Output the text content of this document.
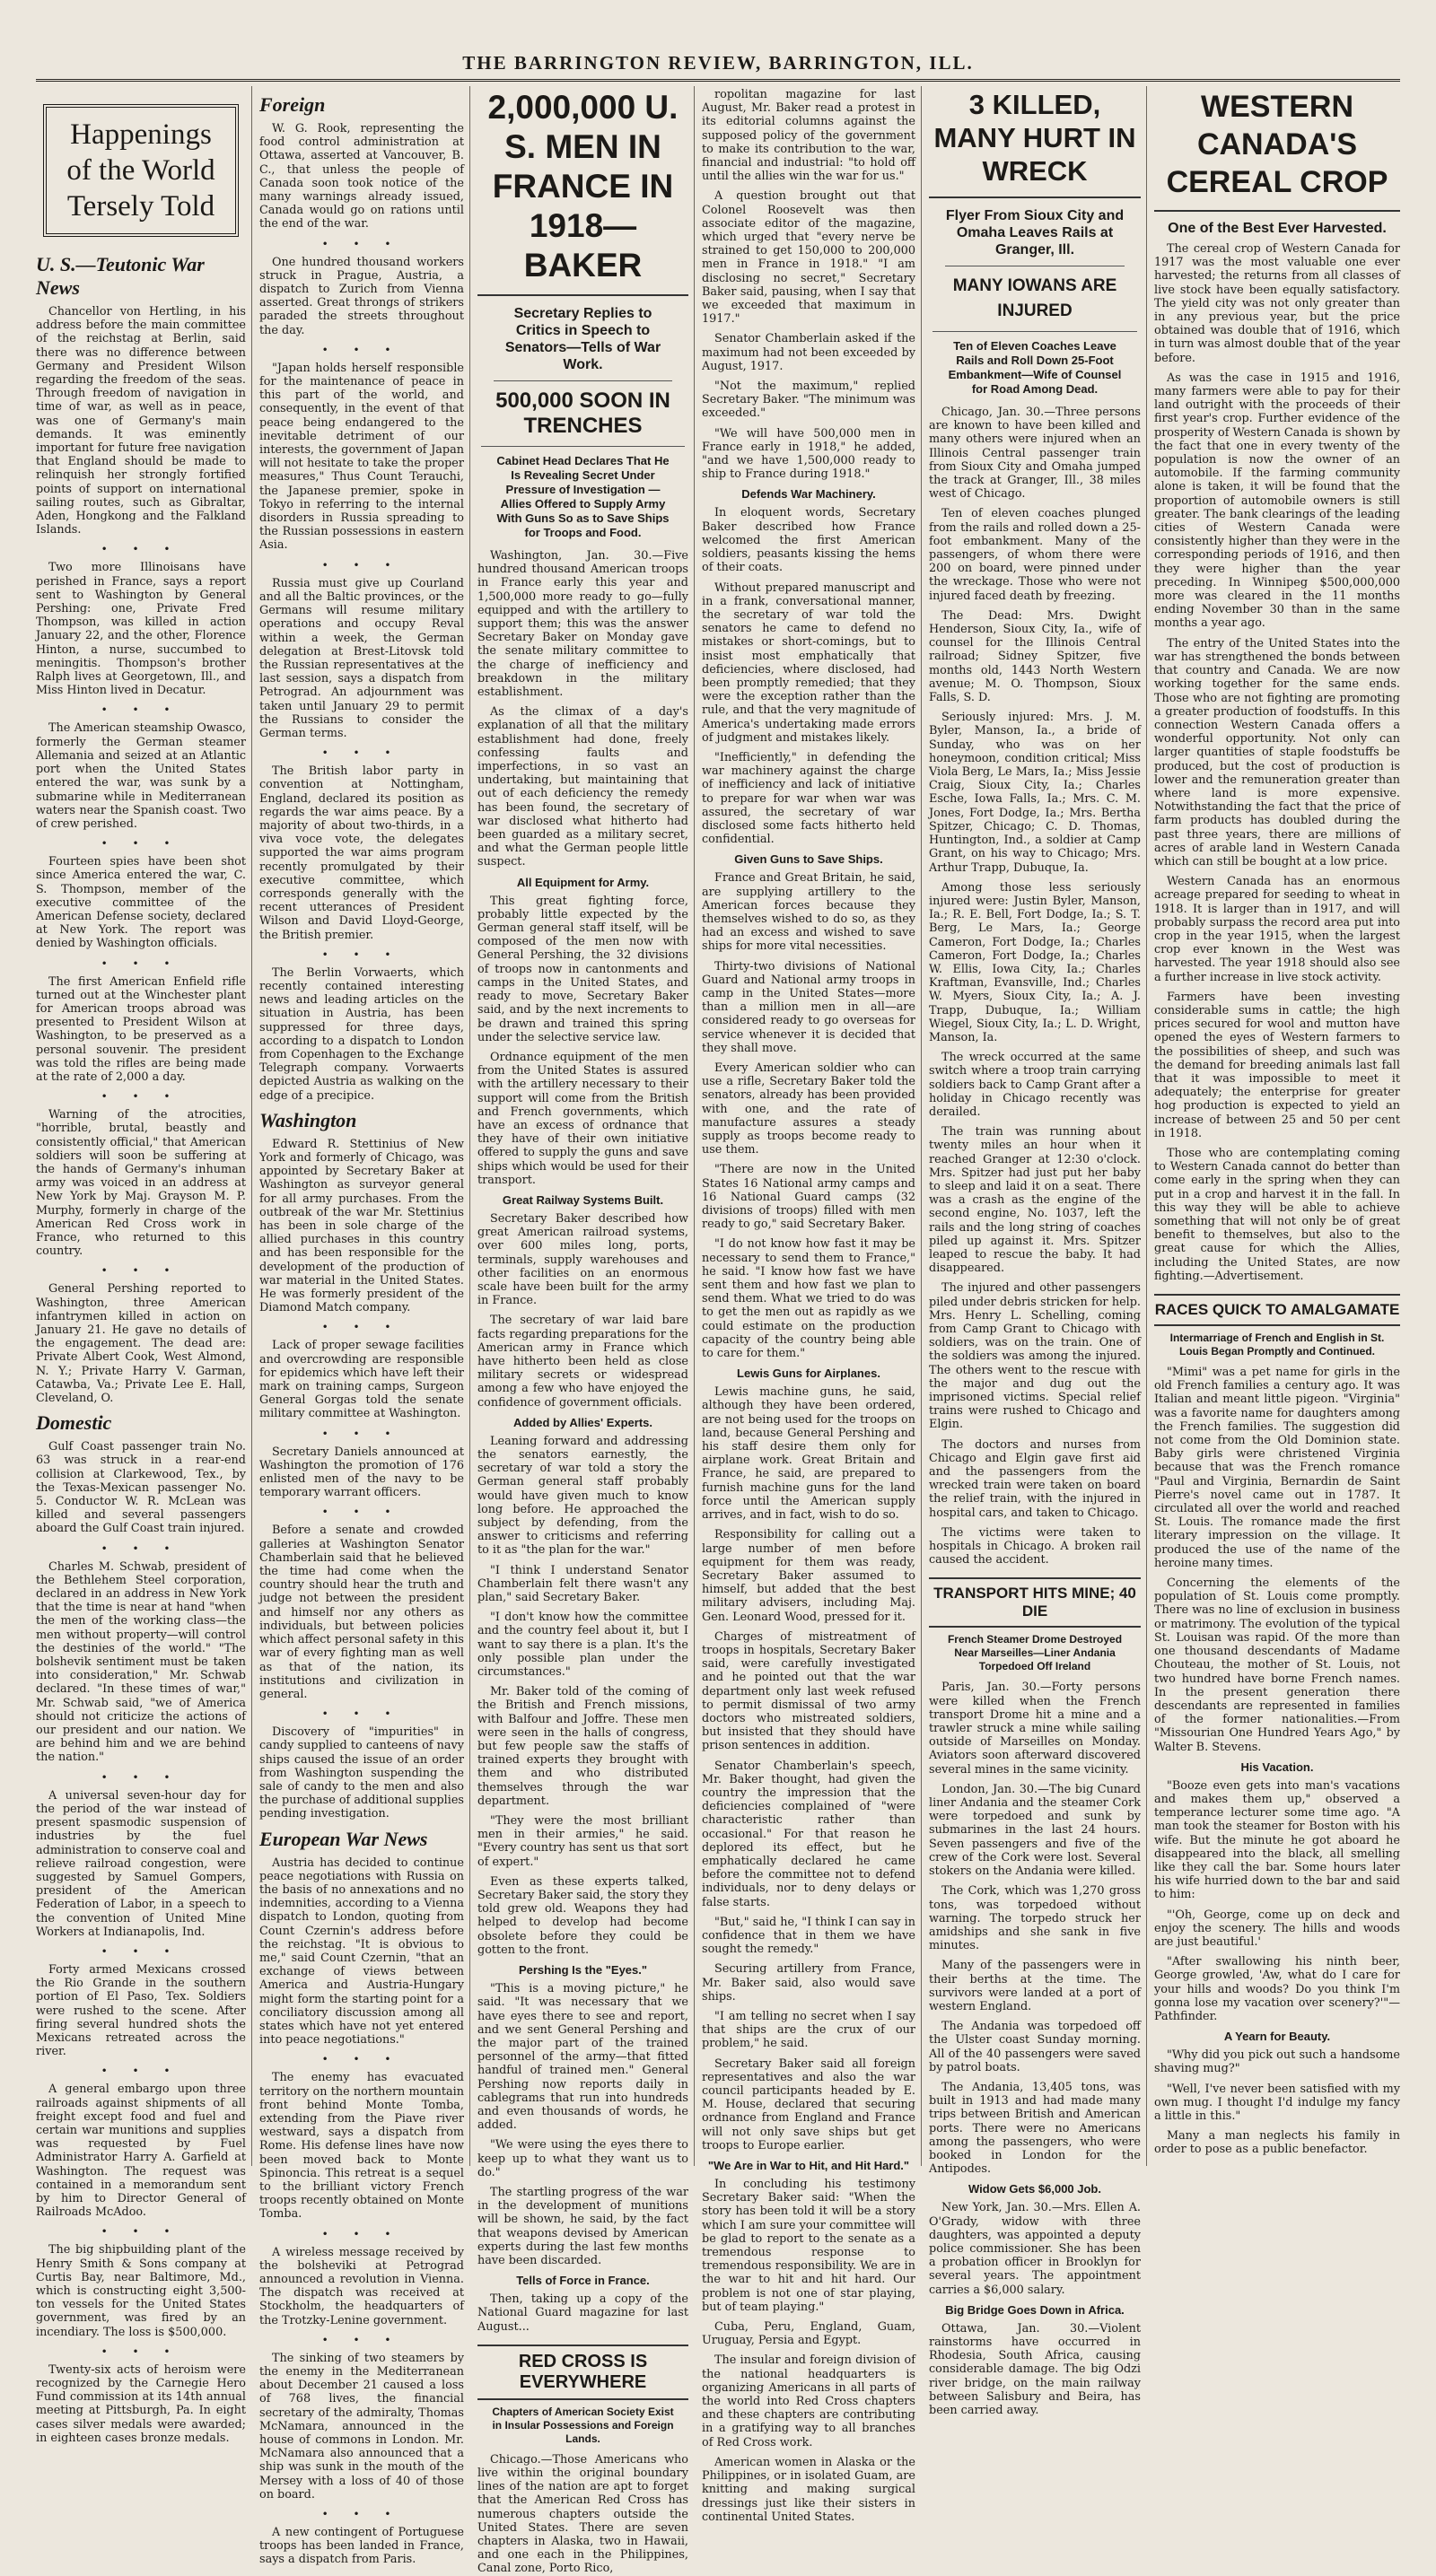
THE BARRINGTON REVIEW, BARRINGTON, ILL.
Happenings
of the World
Tersely Told
U. S.—Teutonic War News

Chancellor von Hertling, in his address before the main committee of the reichstag at Berlin, said there was no difference between Germany and President Wilson regarding the freedom of the seas. Through freedom of navigation in time of war, as well as in peace, was one of Germany's main demands. It was eminently important for future free navigation that England should be made to relinquish her strongly fortified points of support on international sailing routes, such as Gibraltar, Aden, Hongkong and the Falkland Islands.

• • •

Two more Illinoisans have perished in France, says a report sent to Washington by General Pershing: one, Private Fred Thompson, was killed in action January 22, and the other, Florence Hinton, a nurse, succumbed to meningitis. Thompson's brother Ralph lives at Georgetown, Ill., and Miss Hinton lived in Decatur.

• • •

The American steamship Owasco, formerly the German steamer Allemania and seized at an Atlantic port when the United States entered the war, was sunk by a submarine while in Mediterranean waters near the Spanish coast. Two of crew perished.

• • •

Fourteen spies have been shot since America entered the war, C. S. Thompson, member of the executive committee of the American Defense society, declared at New York. The report was denied by Washington officials.

• • •

The first American Enfield rifle turned out at the Winchester plant for American troops abroad was presented to President Wilson at Washington, to be preserved as a personal souvenir. The president was told the rifles are being made at the rate of 2,000 a day.

• • •

Warning of the atrocities, "horrible, brutal, beastly and consistently official," that American soldiers will soon be suffering at the hands of Germany's inhuman army was voiced in an address at New York by Maj. Grayson M. P. Murphy, formerly in charge of the American Red Cross work in France, who returned to this country.

• • •

General Pershing reported to Washington, three American infantrymen killed in action on January 21. He gave no details of the engagement. The dead are: Private Albert Cook, West Almond, N. Y.; Private Harry V. Garman, Catawba, Va.; Private Lee E. Hall, Cleveland, O.

Domestic

Gulf Coast passenger train No. 63 was struck in a rear-end collision at Clarkewood, Tex., by the Texas-Mexican passenger No. 5. Conductor W. R. McLean was killed and several passengers aboard the Gulf Coast train injured.

• • •

Charles M. Schwab, president of the Bethlehem Steel corporation, declared in an address in New York that the time is near at hand "when the men of the working class—the men without property—will control the destinies of the world." "The bolshevik sentiment must be taken into consideration," Mr. Schwab declared. "In these times of war," Mr. Schwab said, "we of America should not criticize the actions of our president and our nation. We are behind him and we are behind the nation."

• • •

A universal seven-hour day for the period of the war instead of present spasmodic suspension of industries by the fuel administration to conserve coal and relieve railroad congestion, were suggested by Samuel Gompers, president of the American Federation of Labor, in a speech to the convention of United Mine Workers at Indianapolis, Ind.

• • •

Forty armed Mexicans crossed the Rio Grande in the southern portion of El Paso, Tex. Soldiers were rushed to the scene. After firing several hundred shots the Mexicans retreated across the river.

• • •

A general embargo upon three railroads against shipments of all freight except food and fuel and certain war munitions and supplies was requested by Fuel Administrator Harry A. Garfield at Washington. The request was contained in a memorandum sent by him to Director General of Railroads McAdoo.

• • •

The big shipbuilding plant of the Henry Smith & Sons company at Curtis Bay, near Baltimore, Md., which is constructing eight 3,500-ton vessels for the United States government, was fired by an incendiary. The loss is $500,000.

• • •

Twenty-six acts of heroism were recognized by the Carnegie Hero Fund commission at its 14th annual meeting at Pittsburgh, Pa. In eight cases silver medals were awarded; in eighteen cases bronze medals.

Foreign

W. G. Rook, representing the food control administration at Ottawa, asserted at Vancouver, B. C., that unless the people of Canada soon took notice of the many warnings already issued, Canada would go on rations until the end of the war.

• • •

One hundred thousand workers struck in Prague, Austria, a dispatch to Zurich from Vienna asserted. Great throngs of strikers paraded the streets throughout the day.

• • •

"Japan holds herself responsible for the maintenance of peace in this part of the world, and consequently, in the event of that peace being endangered to the inevitable detriment of our interests, the government of Japan will not hesitate to take the proper measures," Thus Count Terauchi, the Japanese premier, spoke in Tokyo in referring to the internal disorders in Russia spreading to the Russian possessions in eastern Asia.

• • •

Russia must give up Courland and all the Baltic provinces, or the Germans will resume military operations and occupy Reval within a week, the German delegation at Brest-Litovsk told the Russian representatives at the last session, says a dispatch from Petrograd. An adjournment was taken until January 29 to permit the Russians to consider the German terms.

• • •

The British labor party in convention at Nottingham, England, declared its position as regards the war aims peace. By a majority of about two-thirds, in a viva voce vote, the delegates supported the war aims program recently promulgated by their executive committee, which corresponds generally with the recent utterances of President Wilson and David Lloyd-George, the British premier.

• • •

The Berlin Vorwaerts, which recently contained interesting news and leading articles on the situation in Austria, has been suppressed for three days, according to a dispatch to London from Copenhagen to the Exchange Telegraph company. Vorwaerts depicted Austria as walking on the edge of a precipice.

Washington

Edward R. Stettinius of New York and formerly of Chicago, was appointed by Secretary Baker at Washington as surveyor general for all army purchases. From the outbreak of the war Mr. Stettinius has been in sole charge of the allied purchases in this country and has been responsible for the development of the production of war material in the United States. He was formerly president of the Diamond Match company.

• • •

Lack of proper sewage facilities and overcrowding are responsible for epidemics which have left their mark on training camps, Surgeon General Gorgas told the senate military committee at Washington.

• • •

Secretary Daniels announced at Washington the promotion of 176 enlisted men of the navy to be temporary warrant officers.

• • •

Before a senate and crowded galleries at Washington Senator Chamberlain said that he believed the time had come when the country should hear the truth and judge not between the president and himself nor any others as individuals, but between policies which affect personal safety in this war of every fighting man as well as that of the nation, its institutions and civilization in general.

• • •

Discovery of "impurities" in candy supplied to canteens of navy ships caused the issue of an order from Washington suspending the sale of candy to the men and also the purchase of additional supplies pending investigation.

European War News

Austria has decided to continue peace negotiations with Russia on the basis of no annexations and no indemnities, according to a Vienna dispatch to London, quoting from Count Czernin's address before the reichstag. "It is obvious to me," said Count Czernin, "that an exchange of views between America and Austria-Hungary might form the starting point for a conciliatory discussion among all states which have not yet entered into peace negotiations."

• • •

The enemy has evacuated territory on the northern mountain front behind Monte Tomba, extending from the Piave river westward, says a dispatch from Rome. His defense lines have now been moved back to Monte Spinoncia. This retreat is a sequel to the brilliant victory French troops recently obtained on Monte Tomba.

• • •

A wireless message received by the bolsheviki at Petrograd announced a revolution in Vienna. The dispatch was received at Stockholm, the headquarters of the Trotzky-Lenine government.

• • •

The sinking of two steamers by the enemy in the Mediterranean about December 21 caused a loss of 768 lives, the financial secretary of the admiralty, Thomas McNamara, announced in the house of commons in London. Mr. McNamara also announced that a ship was sunk in the mouth of the Mersey with a loss of 40 of those on board.

• • •

A new contingent of Portuguese troops has been landed in France, says a dispatch from Paris.

2,000,000 U. S. MEN IN FRANCE IN 1918—BAKER
Secretary Replies to Critics in Speech to Senators—Tells of War Work.
500,000 SOON IN TRENCHES
Cabinet Head Declares That He Is Revealing Secret Under Pressure of Investigation — Allies Offered to Supply Army With Guns So as to Save Ships for Troops and Food.

Washington, Jan. 30.—Five hundred thousand American troops in France early this year and 1,500,000 more ready to go—fully equipped and with the artillery to support them; this was the answer Secretary Baker on Monday gave the senate military committee to the charge of inefficiency and breakdown in the military establishment.

As the climax of a day's explanation of all that the military establishment had done, freely confessing faults and imperfections, in so vast an undertaking, but maintaining that out of each deficiency the remedy has been found, the secretary of war disclosed what hitherto had been guarded as a military secret, and what the German people little suspect.

All Equipment for Army.

This great fighting force, probably little expected by the German general staff itself, will be composed of the men now with General Pershing, the 32 divisions of troops now in cantonments and camps in the United States, and ready to move, Secretary Baker said, and by the next increments to be drawn and trained this spring under the selective service law.

Ordnance equipment of the men from the United States is assured with the artillery necessary to their support will come from the British and French governments, which have an excess of ordnance that they have of their own initiative offered to supply the guns and save ships which would be used for their transport.

Great Railway Systems Built.

Secretary Baker described how great American railroad systems, over 600 miles long, ports, terminals, supply warehouses and other facilities on an enormous scale have been built for the army in France.

The secretary of war laid bare facts regarding preparations for the American army in France which have hitherto been held as close military secrets or widespread among a few who have enjoyed the confidence of government officials.

Added by Allies' Experts.

Leaning forward and addressing the senators earnestly, the secretary of war told a story the German general staff probably would have given much to know long before. He approached the subject by defending, from the answer to criticisms and referring to it as "the plan for the war."

"I think I understand Senator Chamberlain felt there wasn't any plan," said Secretary Baker.

"I don't know how the committee and the country feel about it, but I want to say there is a plan. It's the only possible plan under the circumstances."

Mr. Baker told of the coming of the British and French missions, with Balfour and Joffre. These men were seen in the halls of congress, but few people saw the staffs of trained experts they brought with them and who distributed themselves through the war department.

"They were the most brilliant men in their armies," he said. "Every country has sent us that sort of expert."

Even as these experts talked, Secretary Baker said, the story they told grew old. Weapons they had helped to develop had become obsolete before they could be gotten to the front.

Pershing Is the "Eyes."

"This is a moving picture," he said. "It was necessary that we have eyes there to see and report, and we sent General Pershing and the major part of the trained personnel of the army—that fitted handful of trained men." General Pershing now reports daily in cablegrams that run into hundreds and even thousands of words, he added.

"We were using the eyes there to keep up to what they want us to do."

The startling progress of the war in the development of munitions will be shown, he said, by the fact that weapons devised by American experts during the last few months have been discarded.

Tells of Force in France.

Then, taking up a copy of the National Guard magazine for last August...

RED CROSS IS EVERYWHERE
Chapters of American Society Exist in Insular Possessions and Foreign Lands.

Chicago.—Those Americans who live within the original boundary lines of the nation are apt to forget that the American Red Cross has numerous chapters outside the United States. There are seven chapters in Alaska, two in Hawaii, and one each in the Philippines, Canal zone, Porto Rico,

ropolitan magazine for last August, Mr. Baker read a protest in its editorial columns against the supposed policy of the government to make its contribution to the war, financial and industrial: "to hold off until the allies win the war for us."

A question brought out that Colonel Roosevelt was then associate editor of the magazine, which urged that "every nerve be strained to get 150,000 to 200,000 men in France in 1918." "I am disclosing no secret," Secretary Baker said, pausing, when I say that we exceeded that maximum in 1917."

Senator Chamberlain asked if the maximum had not been exceeded by August, 1917.

"Not the maximum," replied Secretary Baker. "The minimum was exceeded."

"We will have 500,000 men in France early in 1918," he added, "and we have 1,500,000 ready to ship to France during 1918."

Defends War Machinery.

In eloquent words, Secretary Baker described how France welcomed the first American soldiers, peasants kissing the hems of their coats.

Without prepared manuscript and in a frank, conversational manner, the secretary of war told the senators he came to defend no mistakes or short-comings, but to insist most emphatically that deficiencies, where disclosed, had been promptly remedied; that they were the exception rather than the rule, and that the very magnitude of America's undertaking made errors of judgment and mistakes likely.

"Inefficiently," in defending the war machinery against the charge of inefficiency and lack of initiative to prepare for war when war was assured, the secretary of war disclosed some facts hitherto held confidential.

Given Guns to Save Ships.

France and Great Britain, he said, are supplying artillery to the American forces because they themselves wished to do so, as they had an excess and wished to save ships for more vital necessities.

Thirty-two divisions of National Guard and National army troops in camp in the United States—more than a million men in all—are considered ready to go overseas for service whenever it is decided that they shall move.

Every American soldier who can use a rifle, Secretary Baker told the senators, already has been provided with one, and the rate of manufacture assures a steady supply as troops become ready to use them.

"There are now in the United States 16 National army camps and 16 National Guard camps (32 divisions of troops) filled with men ready to go," said Secretary Baker.

"I do not know how fast it may be necessary to send them to France," he said. "I know how fast we have sent them and how fast we plan to send them. What we tried to do was to get the men out as rapidly as we could estimate on the production capacity of the country being able to care for them."

Lewis Guns for Airplanes.

Lewis machine guns, he said, although they have been ordered, are not being used for the troops on land, because General Pershing and his staff desire them only for airplane work. Great Britain and France, he said, are prepared to furnish machine guns for the land force until the American supply arrives, and in fact, wish to do so.

Responsibility for calling out a large number of men before equipment for them was ready, Secretary Baker assumed to himself, but added that the best military advisers, including Maj. Gen. Leonard Wood, pressed for it.

Charges of mistreatment of troops in hospitals, Secretary Baker said, were carefully investigated and he pointed out that the war department only last week refused to permit dismissal of two army doctors who mistreated soldiers, but insisted that they should have prison sentences in addition.

Senator Chamberlain's speech, Mr. Baker thought, had given the country the impression that the deficiencies complained of "were characteristic rather than occasional." For that reason he deplored its effect, but he emphatically declared he came before the committee not to defend individuals, nor to deny delays or false starts.

"But," said he, "I think I can say in confidence that in them we have sought the remedy."

Securing artillery from France, Mr. Baker said, also would save ships.

"I am telling no secret when I say that ships are the crux of our problem," he said.

Secretary Baker said all foreign representatives and also the war council participants headed by E. M. House, declared that securing ordnance from England and France will not only save ships but get troops to Europe earlier.

"We Are in War to Hit, and Hit Hard."

In concluding his testimony Secretary Baker said: "When the story has been told it will be a story which I am sure your committee will be glad to report to the senate as a tremendous response to tremendous responsibility. We are in the war to hit and hit hard. Our problem is not one of star playing, but of team playing."

Cuba, Peru, England, Guam, Uruguay, Persia and Egypt.

The insular and foreign division of the national headquarters is organizing Americans in all parts of the world into Red Cross chapters and these chapters are contributing in a gratifying way to all branches of Red Cross work.

American women in Alaska or the Philippines, or in isolated Guam, are knitting and making surgical dressings just like their sisters in continental United States.

3 KILLED, MANY HURT IN WRECK
Flyer From Sioux City and Omaha Leaves Rails at Granger, Ill.
MANY IOWANS ARE INJURED
Ten of Eleven Coaches Leave Rails and Roll Down 25-Foot Embankment—Wife of Counsel for Road Among Dead.

Chicago, Jan. 30.—Three persons are known to have been killed and many others were injured when an Illinois Central passenger train from Sioux City and Omaha jumped the track at Granger, Ill., 38 miles west of Chicago.

Ten of eleven coaches plunged from the rails and rolled down a 25-foot embankment. Many of the passengers, of whom there were 200 on board, were pinned under the wreckage. Those who were not injured faced death by freezing.

The Dead: Mrs. Dwight Henderson, Sioux City, Ia., wife of counsel for the Illinois Central railroad; Sidney Spitzer, five months old, 1443 North Western avenue; M. O. Thompson, Sioux Falls, S. D.

Seriously injured: Mrs. J. M. Byler, Manson, Ia., a bride of Sunday, who was on her honeymoon, condition critical; Miss Viola Berg, Le Mars, Ia.; Miss Jessie Craig, Sioux City, Ia.; Charles Esche, Iowa Falls, Ia.; Mrs. C. M. Jones, Fort Dodge, Ia.; Mrs. Bertha Spitzer, Chicago; C. D. Thomas, Huntington, Ind., a soldier at Camp Grant, on his way to Chicago; Mrs. Arthur Trapp, Dubuque, Ia.

Among those less seriously injured were: Justin Byler, Manson, Ia.; R. E. Bell, Fort Dodge, Ia.; S. T. Berg, Le Mars, Ia.; George Cameron, Fort Dodge, Ia.; Charles Cameron, Fort Dodge, Ia.; Charles W. Ellis, Iowa City, Ia.; Charles Kraftman, Evansville, Ind.; Charles W. Myers, Sioux City, Ia.; A. J. Trapp, Dubuque, Ia.; William Wiegel, Sioux City, Ia.; L. D. Wright, Manson, Ia.

The wreck occurred at the same switch where a troop train carrying soldiers back to Camp Grant after a holiday in Chicago recently was derailed.

The train was running about twenty miles an hour when it reached Granger at 12:30 o'clock. Mrs. Spitzer had just put her baby to sleep and laid it on a seat. There was a crash as the engine of the second engine, No. 1037, left the rails and the long string of coaches piled up against it. Mrs. Spitzer leaped to rescue the baby. It had disappeared.

The injured and other passengers piled under debris stricken for help. Mrs. Henry L. Schelling, coming from Camp Grant to Chicago with soldiers, was on the train. One of the soldiers was among the injured. The others went to the rescue with the major and dug out the imprisoned victims. Special relief trains were rushed to Chicago and Elgin.

The doctors and nurses from Chicago and Elgin gave first aid and the passengers from the wrecked train were taken on board the relief train, with the injured in hospital cars, and taken to Chicago.

The victims were taken to hospitals in Chicago. A broken rail caused the accident.

TRANSPORT HITS MINE; 40 DIE
French Steamer Drome Destroyed Near Marseilles—Liner Andania Torpedoed Off Ireland

Paris, Jan. 30.—Forty persons were killed when the French transport Drome hit a mine and a trawler struck a mine while sailing outside of Marseilles on Monday. Aviators soon afterward discovered several mines in the same vicinity.

London, Jan. 30.—The big Cunard liner Andania and the steamer Cork were torpedoed and sunk by submarines in the last 24 hours. Seven passengers and five of the crew of the Cork were lost. Several stokers on the Andania were killed.

The Cork, which was 1,270 gross tons, was torpedoed without warning. The torpedo struck her amidships and she sank in five minutes.

Many of the passengers were in their berths at the time. The survivors were landed at a port of western England.

The Andania was torpedoed off the Ulster coast Sunday morning. All of the 40 passengers were saved by patrol boats.

The Andania, 13,405 tons, was built in 1913 and had made many trips between British and American ports. There were no Americans among the passengers, who were booked in London for the Antipodes.

Widow Gets $6,000 Job.

New York, Jan. 30.—Mrs. Ellen A. O'Grady, widow with three daughters, was appointed a deputy police commissioner. She has been a probation officer in Brooklyn for several years. The appointment carries a $6,000 salary.

Big Bridge Goes Down in Africa.

Ottawa, Jan. 30.—Violent rainstorms have occurred in Rhodesia, South Africa, causing considerable damage. The big Odzi river bridge, on the main railway between Salisbury and Beira, has been carried away.

WESTERN CANADA'S CEREAL CROP
One of the Best Ever Harvested.

The cereal crop of Western Canada for 1917 was the most valuable one ever harvested; the returns from all classes of live stock have been equally satisfactory. The yield city was not only greater than in any previous year, but the price obtained was double that of 1916, which in turn was almost double that of the year before.

As was the case in 1915 and 1916, many farmers were able to pay for their land outright with the proceeds of their first year's crop. Further evidence of the prosperity of Western Canada is shown by the fact that one in every twenty of the population is now the owner of an automobile. If the farming community alone is taken, it will be found that the proportion of automobile owners is still greater. The bank clearings of the leading cities of Western Canada were consistently higher than they were in the corresponding periods of 1916, and then they were higher than the year preceding. In Winnipeg $500,000,000 more was cleared in the 11 months ending November 30 than in the same months a year ago.

The entry of the United States into the war has strengthened the bonds between that country and Canada. We are now working together for the same ends. Those who are not fighting are promoting a greater production of foodstuffs. In this connection Western Canada offers a wonderful opportunity. Not only can larger quantities of staple foodstuffs be produced, but the cost of production is lower and the remuneration greater than where land is more expensive. Notwithstanding the fact that the price of farm products has doubled during the past three years, there are millions of acres of arable land in Western Canada which can still be bought at a low price.

Western Canada has an enormous acreage prepared for seeding to wheat in 1918. It is larger than in 1917, and will probably surpass the record area put into crop in the year 1915, when the largest crop ever known in the West was harvested. The year 1918 should also see a further increase in live stock activity.

Farmers have been investing considerable sums in cattle; the high prices secured for wool and mutton have opened the eyes of Western farmers to the possibilities of sheep, and such was the demand for breeding animals last fall that it was impossible to meet it adequately; the enterprise for greater hog production is expected to yield an increase of between 25 and 50 per cent in 1918.

Those who are contemplating coming to Western Canada cannot do better than come early in the spring when they can put in a crop and harvest it in the fall. In this way they will be able to achieve something that will not only be of great benefit to themselves, but also to the great cause for which the Allies, including the United States, are now fighting.—Advertisement.

RACES QUICK TO AMALGAMATE
Intermarriage of French and English in St. Louis Began Promptly and Continued.

"Mimi" was a pet name for girls in the old French families a century ago. It was Italian and meant little pigeon. "Virginia" was a favorite name for daughters among the French families. The suggestion did not come from the Old Dominion state. Baby girls were christened Virginia because that was the French romance "Paul and Virginia, Bernardin de Saint Pierre's novel came out in 1787. It circulated all over the world and reached St. Louis. The romance made the first literary impression on the village. It produced the use of the name of the heroine many times.

Concerning the elements of the population of St. Louis come promptly. There was no line of exclusion in business or matrimony. The evolution of the typical St. Louisan was rapid. Of the more than one thousand descendants of Madame Chouteau, the mother of St. Louis, not two hundred have borne French names. In the present generation there descendants are represented in families of the former nationalities.—From "Missourian One Hundred Years Ago," by Walter B. Stevens.

His Vacation.

"Booze even gets into man's vacations and makes them up," observed a temperance lecturer some time ago. "A man took the steamer for Boston with his wife. But the minute he got aboard he disappeared into the black, all smelling like they call the bar. Some hours later his wife hurried down to the bar and said to him:

"'Oh, George, come up on deck and enjoy the scenery. The hills and woods are just beautiful.'

"After swallowing his ninth beer, George growled, 'Aw, what do I care for your hills and woods? Do you think I'm gonna lose my vacation over scenery?'"—Pathfinder.

A Yearn for Beauty.

"Why did you pick out such a handsome shaving mug?"

"Well, I've never been satisfied with my own mug. I thought I'd indulge my fancy a little in this."

Many a man neglects his family in order to pose as a public benefactor.
